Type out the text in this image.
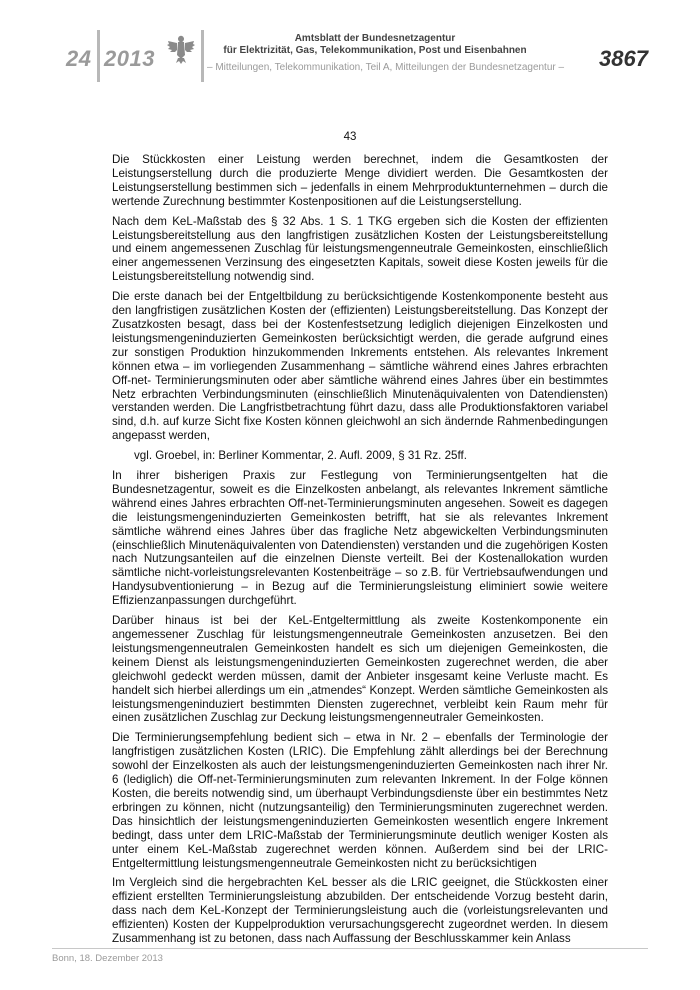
24 2013
Amtsblatt der Bundesnetzagentur
für Elektrizität, Gas, Telekommunikation, Post und Eisenbahnen
– Mitteilungen, Telekommunikation, Teil A, Mitteilungen der Bundesnetzagentur – 3867
43

Die Stückkosten einer Leistung werden berechnet, indem die Gesamtkosten der Leistungserstellung durch die produzierte Menge dividiert werden. Die Gesamtkosten der Leistungserstellung bestimmen sich – jedenfalls in einem Mehrproduktunternehmen – durch die wertende Zurechnung bestimmter Kostenpositionen auf die Leistungserstellung.

Nach dem KeL-Maßstab des § 32 Abs. 1 S. 1 TKG ergeben sich die Kosten der effizienten Leistungsbereitstellung aus den langfristigen zusätzlichen Kosten der Leistungsbereitstellung und einem angemessenen Zuschlag für leistungsmengenneutrale Gemeinkosten, einschließlich einer angemessenen Verzinsung des eingesetzten Kapitals, soweit diese Kosten jeweils für die Leistungsbereitstellung notwendig sind.

Die erste danach bei der Entgeltbildung zu berücksichtigende Kostenkomponente besteht aus den langfristigen zusätzlichen Kosten der (effizienten) Leistungsbereitstellung. Das Konzept der Zusatzkosten besagt, dass bei der Kostenfestsetzung lediglich diejenigen Einzelkosten und leistungsmengeninduzierten Gemeinkosten berücksichtigt werden, die gerade aufgrund eines zur sonstigen Produktion hinzukommenden Inkrements entstehen. Als relevantes Inkrement können etwa – im vorliegenden Zusammenhang – sämtliche während eines Jahres erbrachten Off-net- Terminierungsminuten oder aber sämtliche während eines Jahres über ein bestimmtes Netz erbrachten Verbindungsminuten (einschließlich Minutenäquivalenten von Datendiensten) verstanden werden. Die Langfristbetrachtung führt dazu, dass alle Produktionsfaktoren variabel sind, d.h. auf kurze Sicht fixe Kosten können gleichwohl an sich ändernde Rahmenbedingungen angepasst werden,

vgl. Groebel, in: Berliner Kommentar, 2. Aufl. 2009, § 31 Rz. 25ff.

In ihrer bisherigen Praxis zur Festlegung von Terminierungsentgelten hat die Bundesnetzagentur, soweit es die Einzelkosten anbelangt, als relevantes Inkrement sämtliche während eines Jahres erbrachten Off-net-Terminierungsminuten angesehen. Soweit es dagegen die leistungsmengeninduzierten Gemeinkosten betrifft, hat sie als relevantes Inkrement sämtliche während eines Jahres über das fragliche Netz abgewickelten Verbindungsminuten (einschließlich Minutenäquivalenten von Datendiensten) verstanden und die zugehörigen Kosten nach Nutzungsanteilen auf die einzelnen Dienste verteilt. Bei der Kostenallokation wurden sämtliche nicht-vorleistungsrelevanten Kostenbeiträge – so z.B. für Vertriebsaufwendungen und Handysubventionierung – in Bezug auf die Terminierungsleistung eliminiert sowie weitere Effizienzanpassungen durchgeführt.

Darüber hinaus ist bei der KeL-Entgeltermittlung als zweite Kostenkomponente ein angemessener Zuschlag für leistungsmengenneutrale Gemeinkosten anzusetzen. Bei den leistungsmengenneutralen Gemeinkosten handelt es sich um diejenigen Gemeinkosten, die keinem Dienst als leistungsmengeninduzierten Gemeinkosten zugerechnet werden, die aber gleichwohl gedeckt werden müssen, damit der Anbieter insgesamt keine Verluste macht. Es handelt sich hierbei allerdings um ein „atmendes“ Konzept. Werden sämtliche Gemeinkosten als leistungsmengeninduziert bestimmten Diensten zugerechnet, verbleibt kein Raum mehr für einen zusätzlichen Zuschlag zur Deckung leistungsmengenneutraler Gemeinkosten.

Die Terminierungsempfehlung bedient sich – etwa in Nr. 2 – ebenfalls der Terminologie der langfristigen zusätzlichen Kosten (LRIC). Die Empfehlung zählt allerdings bei der Berechnung sowohl der Einzelkosten als auch der leistungsmengeninduzierten Gemeinkosten nach ihrer Nr. 6 (lediglich) die Off-net-Terminierungsminuten zum relevanten Inkrement. In der Folge können Kosten, die bereits notwendig sind, um überhaupt Verbindungsdienste über ein bestimmtes Netz erbringen zu können, nicht (nutzungsanteilig) den Terminierungsminuten zugerechnet werden. Das hinsichtlich der leistungsmengeninduzierten Gemeinkosten wesentlich engere Inkrement bedingt, dass unter dem LRIC-Maßstab der Terminierungsminute deutlich weniger Kosten als unter einem KeL-Maßstab zugerechnet werden können. Außerdem sind bei der LRIC-Entgeltermittlung leistungsmengenneutrale Gemeinkosten nicht zu berücksichtigen

Im Vergleich sind die hergebrachten KeL besser als die LRIC geeignet, die Stückkosten einer effizient erstellten Terminierungsleistung abzubilden. Der entscheidende Vorzug besteht darin, dass nach dem KeL-Konzept der Terminierungsleistung auch die (vorleistungsrelevanten und effizienten) Kosten der Kuppelproduktion verursachungsgerecht zugeordnet werden. In diesem Zusammenhang ist zu betonen, dass nach Auffassung der Beschlusskammer kein Anlass

Bonn, 18. Dezember 2013
